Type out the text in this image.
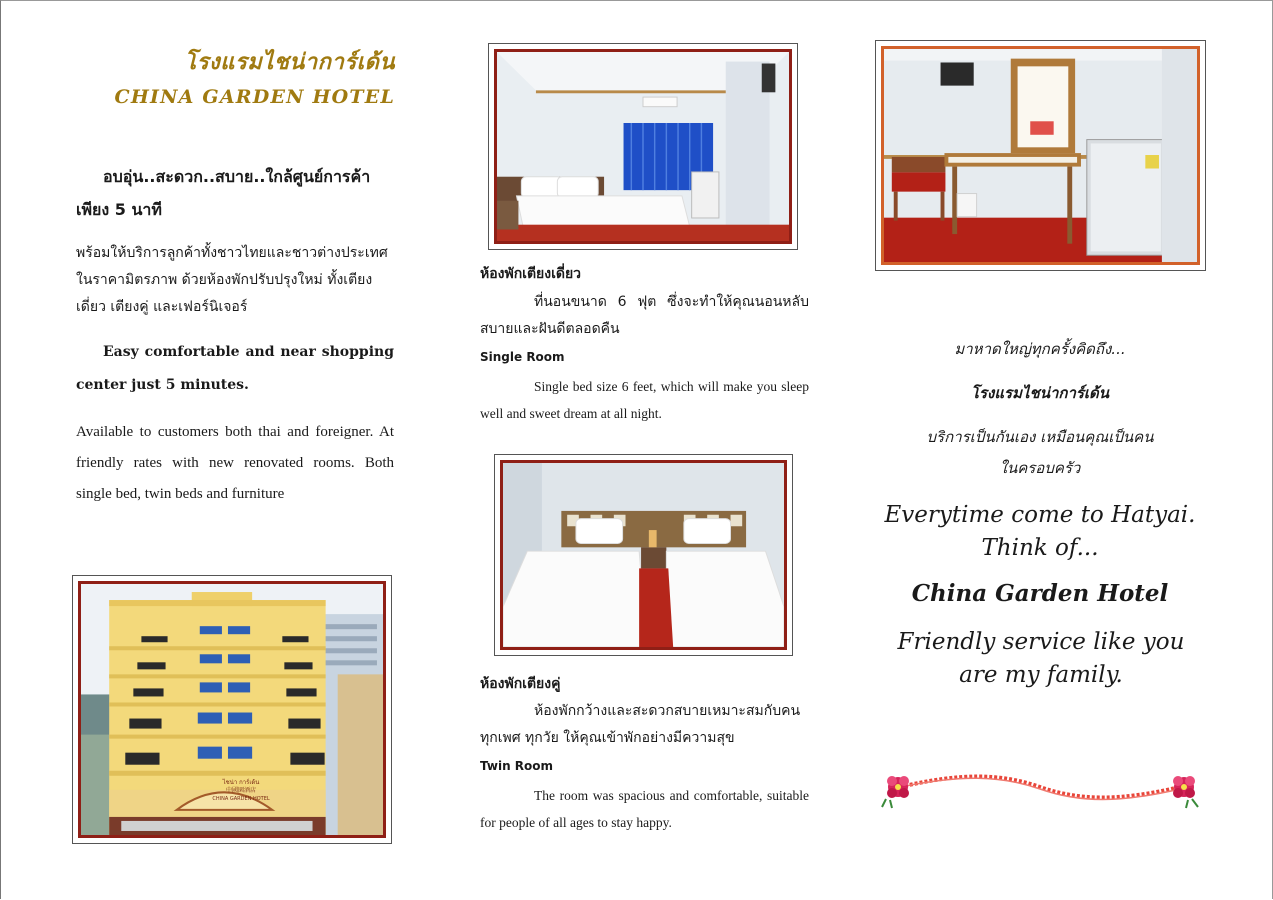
โรงแรมไชน่าการ์เด้น
CHINA GARDEN HOTEL
อบอุ่น..สะดวก..สบาย..ใกล้ศูนย์การค้าเพียง 5 นาที
พร้อมให้บริการลูกค้าทั้งชาวไทยและชาวต่างประเทศ ในราคามิตรภาพ ด้วยห้องพักปรับปรุงใหม่ ทั้งเตียงเดี่ยว เตียงคู่ และเฟอร์นิเจอร์
Easy comfortable and near shopping center just 5 minutes.
Available to customers both thai and foreigner. At friendly rates with new renovated rooms. Both single bed, twin beds and furniture
ไชน่า การ์เด้น
中國園酒店
CHINA GARDEN HOTEL
ห้องพักเตียงเดี่ยว
ที่นอนขนาด 6 ฟุต ซึ่งจะทำให้คุณนอนหลับสบายและฝันดีตลอดคืน
Single Room
Single bed size 6 feet, which will make you sleep well and sweet dream at all night.
ห้องพักเตียงคู่
ห้องพักกว้างและสะดวกสบายเหมาะสมกับคนทุกเพศ ทุกวัย ให้คุณเข้าพักอย่างมีความสุข
Twin Room
The room was spacious and comfortable, suitable for people of all ages to stay happy.
มาหาดใหญ่ทุกครั้งคิดถึง...
โรงแรมไชน่าการ์เด้น
บริการเป็นกันเอง เหมือนคุณเป็นคน
ในครอบครัว
Everytime come to Hatyai.
Think of...
China Garden Hotel
Friendly service like you are my family.
